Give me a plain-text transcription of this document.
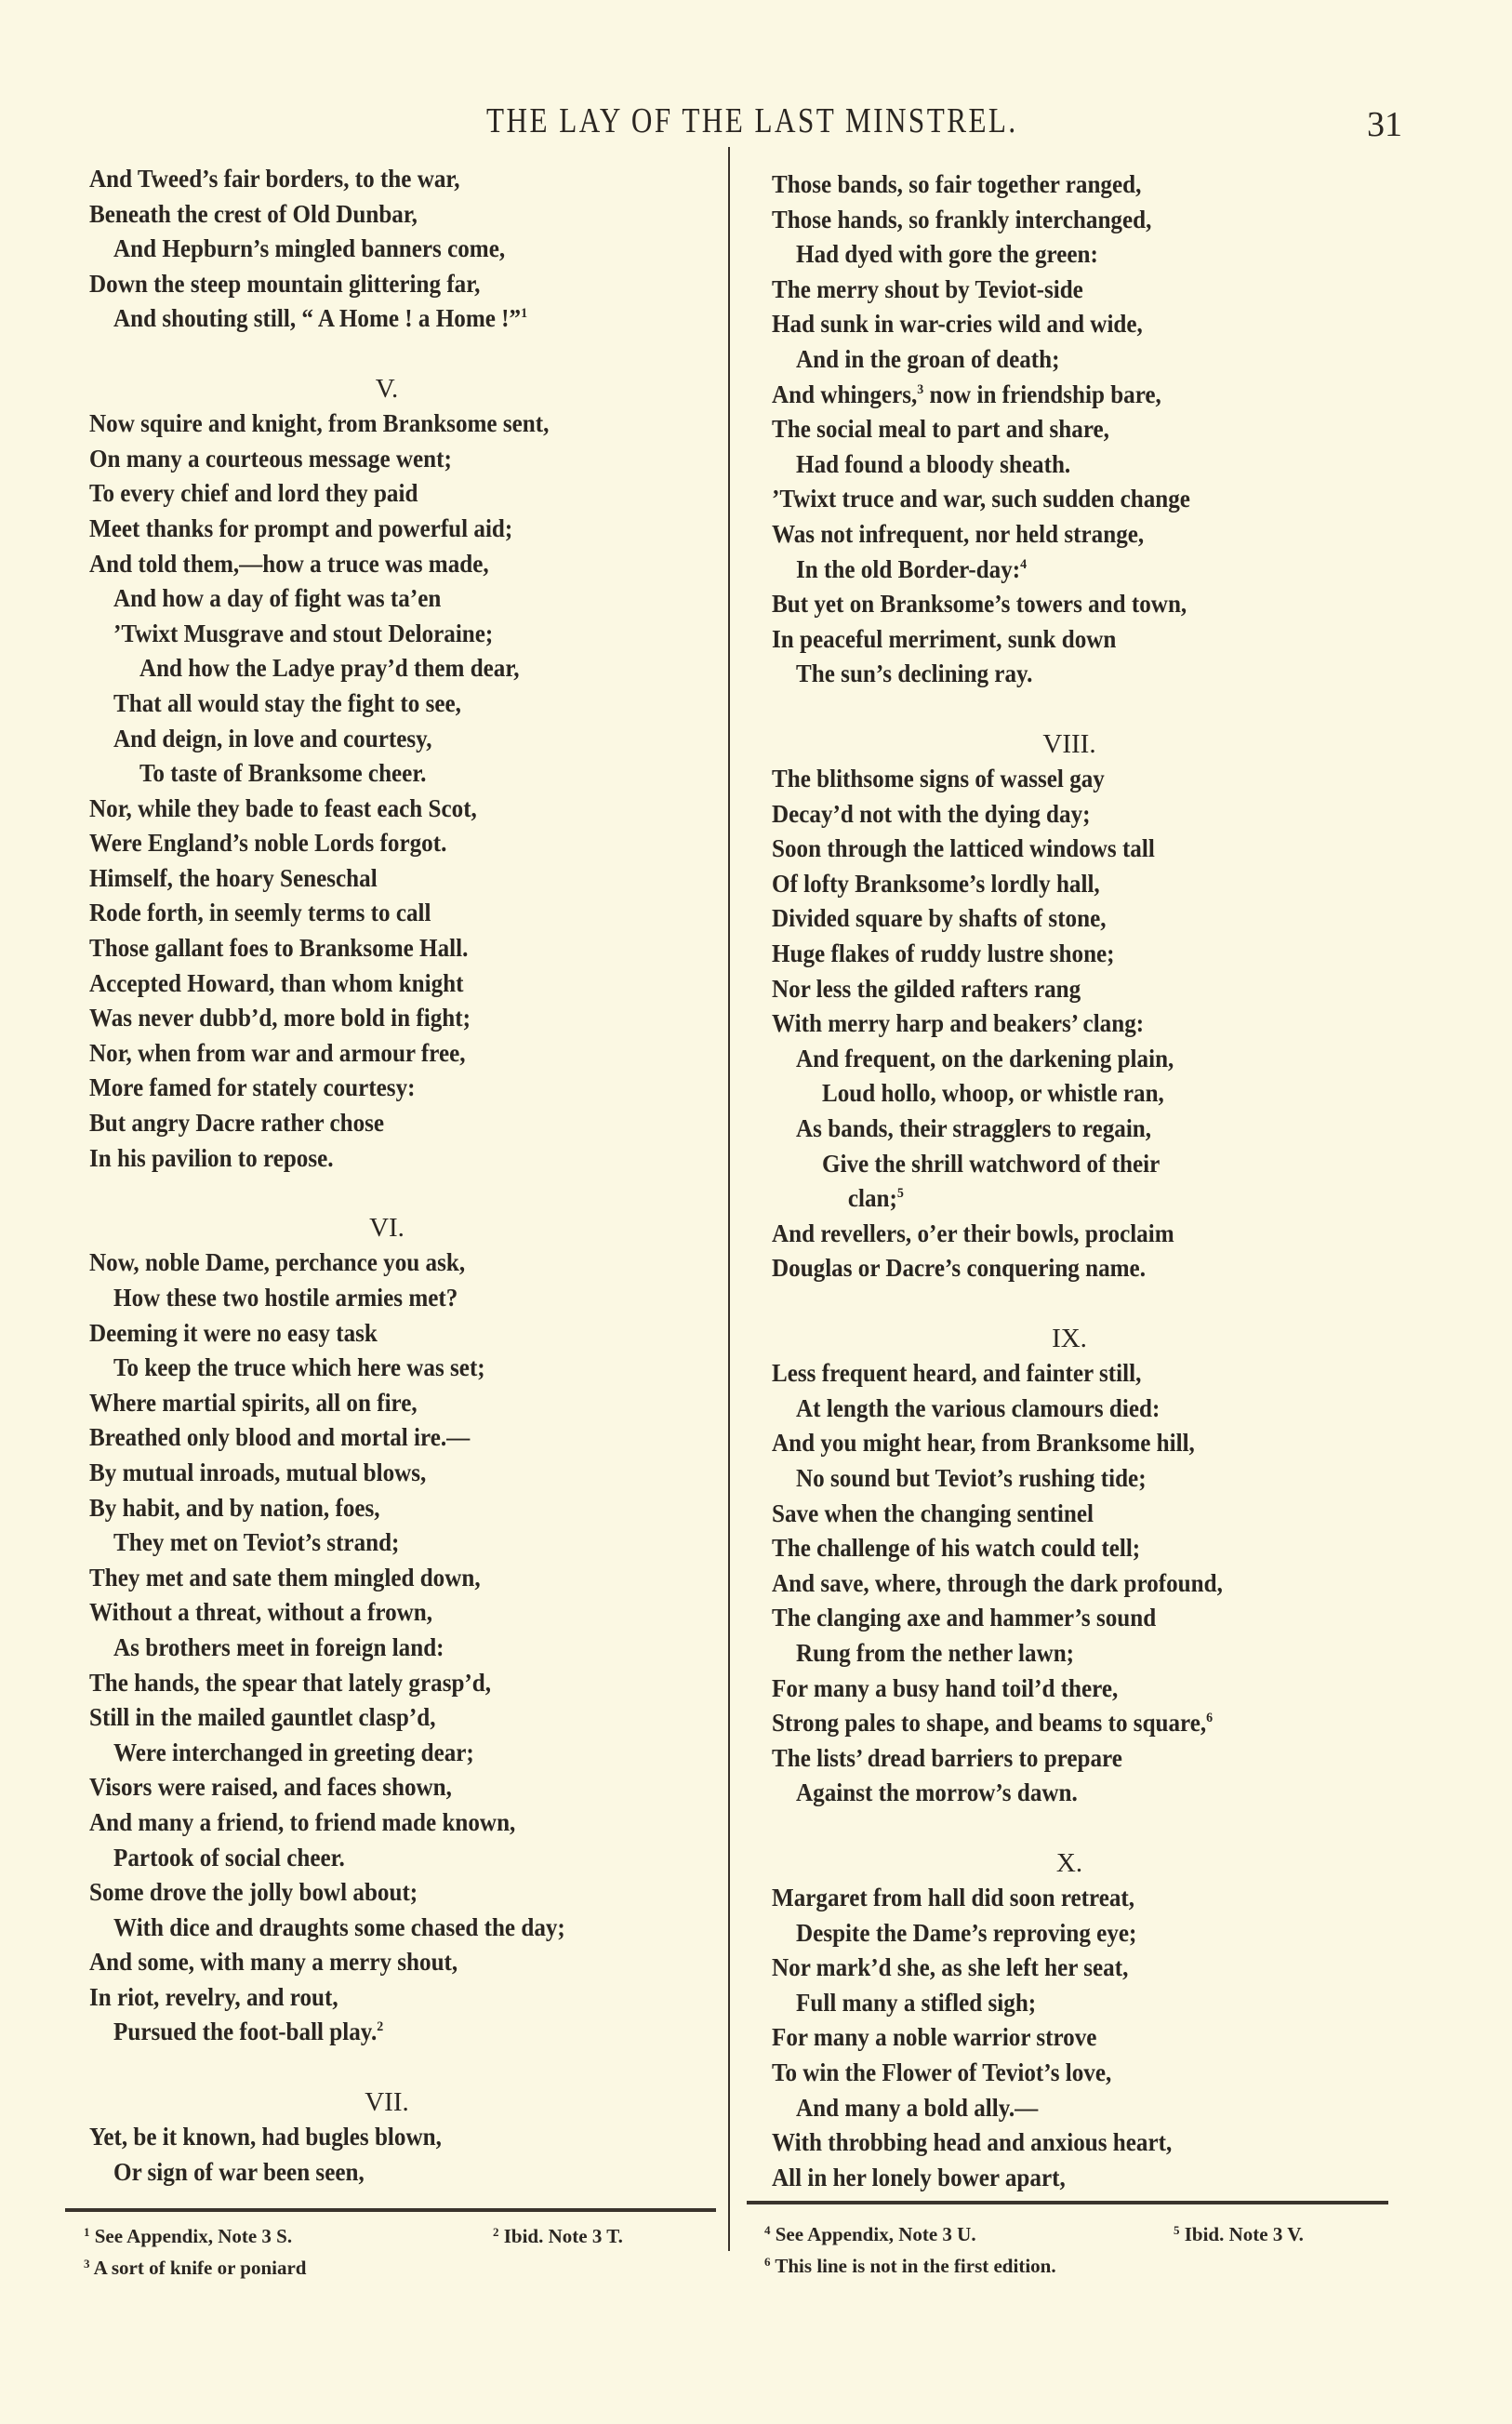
THE LAY OF THE LAST MINSTREL.	31
And Tweed’s fair borders, to the war,
Beneath the crest of Old Dunbar,
And Hepburn’s mingled banners come,
Down the steep mountain glittering far,
And shouting still, “ A Home ! a Home !”$^1$
V.
Now squire and knight, from Branksome sent,
On many a courteous message went;
To every chief and lord they paid
Meet thanks for prompt and powerful aid;
And told them,—how a truce was made,
And how a day of fight was ta’en
’Twixt Musgrave and stout Deloraine;
And how the Ladye pray’d them dear,
That all would stay the fight to see,
And deign, in love and courtesy,
To taste of Branksome cheer.
Nor, while they bade to feast each Scot,
Were England’s noble Lords forgot.
Himself, the hoary Seneschal
Rode forth, in seemly terms to call
Those gallant foes to Branksome Hall.
Accepted Howard, than whom knight
Was never dubb’d, more bold in fight;
Nor, when from war and armour free,
More famed for stately courtesy:
But angry Dacre rather chose
In his pavilion to repose.
VI.
Now, noble Dame, perchance you ask,
How these two hostile armies met?
Deeming it were no easy task
To keep the truce which here was set;
Where martial spirits, all on fire,
Breathed only blood and mortal ire.—
By mutual inroads, mutual blows,
By habit, and by nation, foes,
They met on Teviot’s strand;
They met and sate them mingled down,
Without a threat, without a frown,
As brothers meet in foreign land:
The hands, the spear that lately grasp’d,
Still in the mailed gauntlet clasp’d,
Were interchanged in greeting dear;
Visors were raised, and faces shown,
And many a friend, to friend made known,
Partook of social cheer.
Some drove the jolly bowl about;
With dice and draughts some chased the day;
And some, with many a merry shout,
In riot, revelry, and rout,
Pursued the foot-ball play.$^2$
VII.
Yet, be it known, had bugles blown,
Or sign of war been seen,
Those bands, so fair together ranged,
Those hands, so frankly interchanged,
Had dyed with gore the green:
The merry shout by Teviot-side
Had sunk in war-cries wild and wide,
And in the groan of death;
And whingers,$^3$ now in friendship bare,
The social meal to part and share,
Had found a bloody sheath.
’Twixt truce and war, such sudden change
Was not infrequent, nor held strange,
In the old Border-day:$^4$
But yet on Branksome’s towers and town,
In peaceful merriment, sunk down
The sun’s declining ray.
VIII.
The blithsome signs of wassel gay
Decay’d not with the dying day;
Soon through the latticed windows tall
Of lofty Branksome’s lordly hall,
Divided square by shafts of stone,
Huge flakes of ruddy lustre shone;
Nor less the gilded rafters rang
With merry harp and beakers’ clang:
And frequent, on the darkening plain,
Loud hollo, whoop, or whistle ran,
As bands, their stragglers to regain,
Give the shrill watchword of their
clan;$^5$
And revellers, o’er their bowls, proclaim
Douglas or Dacre’s conquering name.
IX.
Less frequent heard, and fainter still,
At length the various clamours died:
And you might hear, from Branksome hill,
No sound but Teviot’s rushing tide;
Save when the changing sentinel
The challenge of his watch could tell;
And save, where, through the dark profound,
The clanging axe and hammer’s sound
Rung from the nether lawn;
For many a busy hand toil’d there,
Strong pales to shape, and beams to square,$^6$
The lists’ dread barriers to prepare
Against the morrow’s dawn.
X.
Margaret from hall did soon retreat,
Despite the Dame’s reproving eye;
Nor mark’d she, as she left her seat,
Full many a stifled sigh;
For many a noble warrior strove
To win the Flower of Teviot’s love,
And many a bold ally.—
With throbbing head and anxious heart,
All in her lonely bower apart,
$^1$ See Appendix, Note 3 S.	$^2$ Ibid. Note 3 T.
$^3$ A sort of knife or poniard
$^4$ See Appendix, Note 3 U.	$^5$ Ibid. Note 3 V.
$^6$ This line is not in the first edition.
